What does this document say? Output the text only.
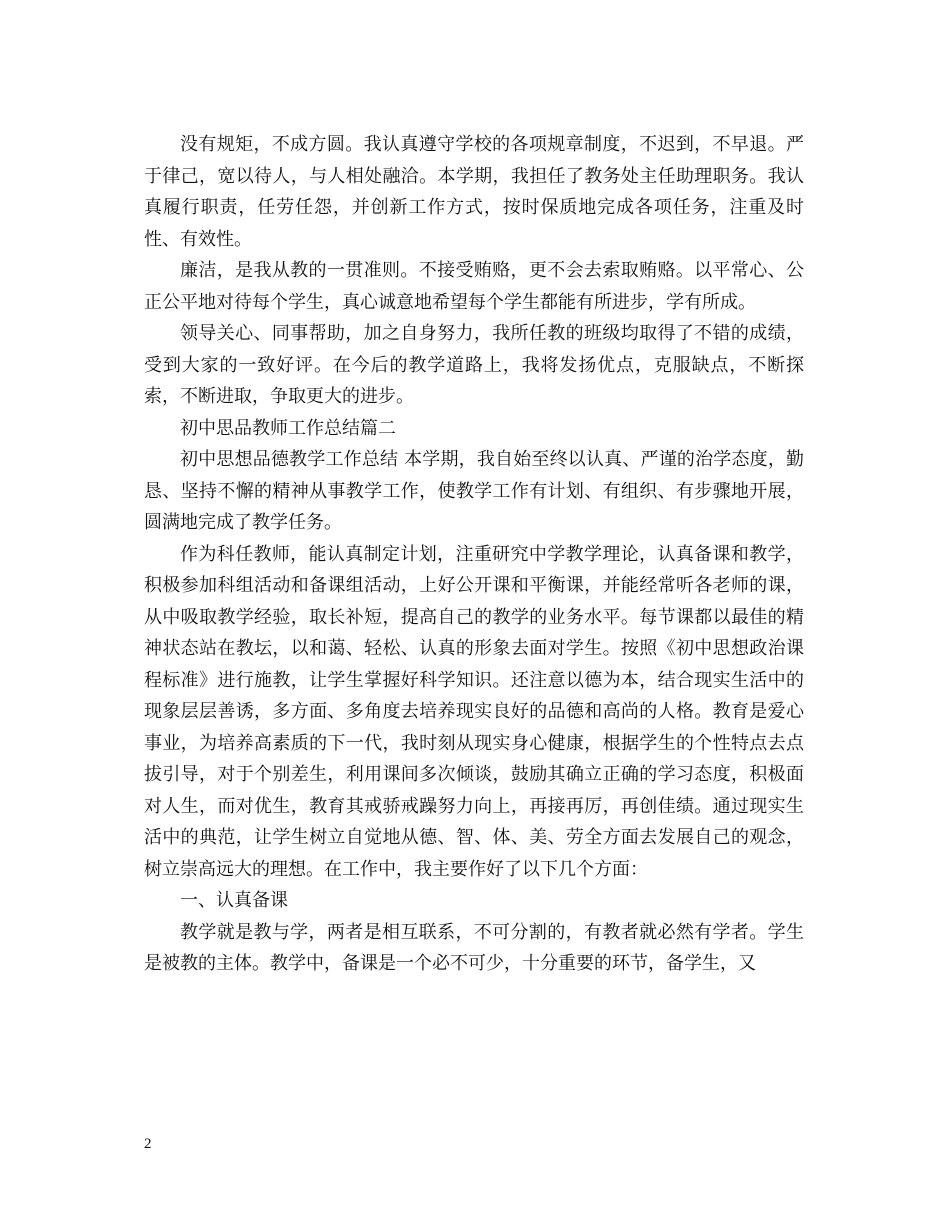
没有规矩，不成方圆。我认真遵守学校的各项规章制度，不迟到，不早退。严于律己，宽以待人，与人相处融洽。本学期，我担任了教务处主任助理职务。我认真履行职责，任劳任怨，并创新工作方式，按时保质地完成各项任务，注重及时性、有效性。

廉洁，是我从教的一贯准则。不接受贿赂，更不会去索取贿赂。以平常心、公正公平地对待每个学生，真心诚意地希望每个学生都能有所进步，学有所成。

领导关心、同事帮助，加之自身努力，我所任教的班级均取得了不错的成绩，受到大家的一致好评。在今后的教学道路上，我将发扬优点，克服缺点，不断探索，不断进取，争取更大的进步。

初中思品教师工作总结篇二

初中思想品德教学工作总结 本学期，我自始至终以认真、严谨的治学态度，勤恳、坚持不懈的精神从事教学工作，使教学工作有计划、有组织、有步骤地开展，圆满地完成了教学任务。

作为科任教师，能认真制定计划，注重研究中学教学理论，认真备课和教学，积极参加科组活动和备课组活动，上好公开课和平衡课，并能经常听各老师的课，从中吸取教学经验，取长补短，提高自己的教学的业务水平。每节课都以最佳的精神状态站在教坛，以和蔼、轻松、认真的形象去面对学生。按照《初中思想政治课程标准》进行施教，让学生掌握好科学知识。还注意以德为本，结合现实生活中的现象层层善诱，多方面、多角度去培养现实良好的品德和高尚的人格。教育是爱心事业，为培养高素质的下一代，我时刻从现实身心健康，根据学生的个性特点去点拔引导，对于个别差生，利用课间多次倾谈，鼓励其确立正确的学习态度，积极面对人生，而对优生，教育其戒骄戒躁努力向上，再接再厉，再创佳绩。通过现实生活中的典范，让学生树立自觉地从德、智、体、美、劳全方面去发展自己的观念，树立崇高远大的理想。在工作中，我主要作好了以下几个方面：

一、认真备课

教学就是教与学，两者是相互联系，不可分割的，有教者就必然有学者。学生是被教的主体。教学中，备课是一个必不可少，十分重要的环节，备学生，又

2
